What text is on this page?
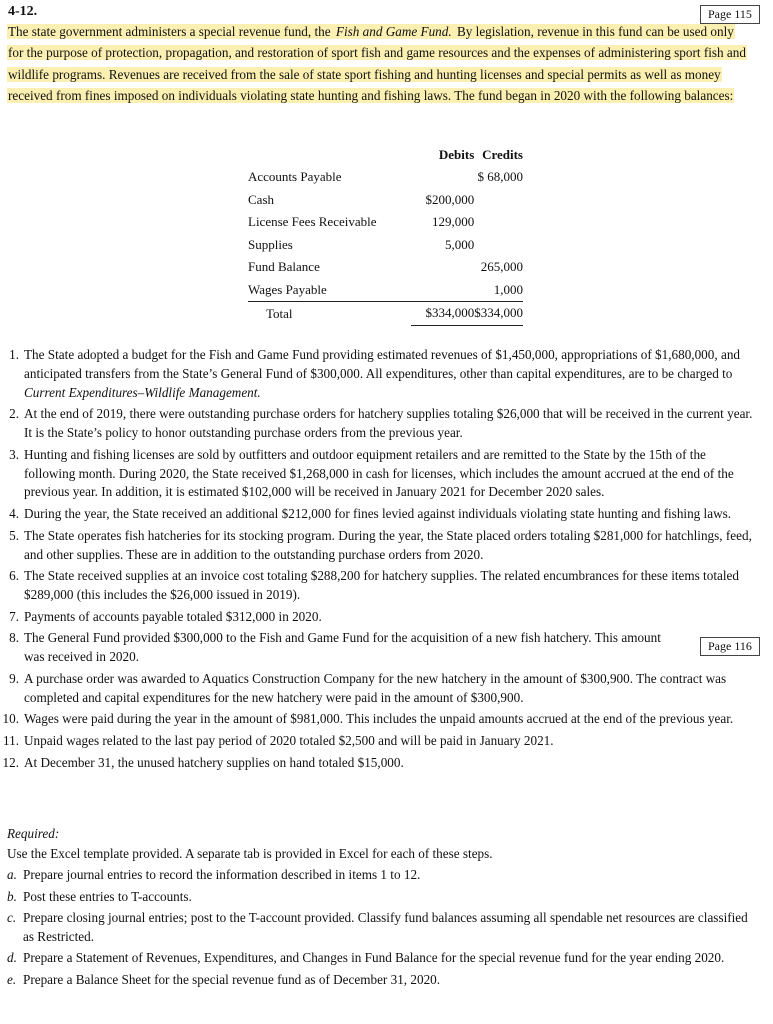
4-12.	Page 115
The state government administers a special revenue fund, the Fish and Game Fund. By legislation, revenue in this fund can be used only for the purpose of protection, propagation, and restoration of sport fish and game resources and the expenses of administering sport fish and wildlife programs. Revenues are received from the sale of state sport fishing and hunting licenses and special permits as well as money received from fines imposed on individuals violating state hunting and fishing laws. The fund began in 2020 with the following balances:
	Debits	Credits
Accounts Payable		$ 68,000
Cash	$200,000	
License Fees Receivable	129,000	
Supplies	5,000	
Fund Balance		265,000
Wages Payable		1,000
Total	$334,000	$334,000
1. The State adopted a budget for the Fish and Game Fund providing estimated revenues of $1,450,000, appropriations of $1,680,000, and anticipated transfers from the State’s General Fund of $300,000. All expenditures, other than capital expenditures, are to be charged to Current Expenditures–Wildlife Management.
2. At the end of 2019, there were outstanding purchase orders for hatchery supplies totaling $26,000 that will be received in the current year. It is the State’s policy to honor outstanding purchase orders from the previous year.
3. Hunting and fishing licenses are sold by outfitters and outdoor equipment retailers and are remitted to the State by the 15th of the following month. During 2020, the State received $1,268,000 in cash for licenses, which includes the amount accrued at the end of the previous year. In addition, it is estimated $102,000 will be received in January 2021 for December 2020 sales.
4. During the year, the State received an additional $212,000 for fines levied against individuals violating state hunting and fishing laws.
5. The State operates fish hatcheries for its stocking program. During the year, the State placed orders totaling $281,000 for hatchlings, feed, and other supplies. These are in addition to the outstanding purchase orders from 2020.
6. The State received supplies at an invoice cost totaling $288,200 for hatchery supplies. The related encumbrances for these items totaled $289,000 (this includes the $26,000 issued in 2019).
7. Payments of accounts payable totaled $312,000 in 2020.
8. The General Fund provided $300,000 to the Fish and Game Fund for the acquisition of a new fish hatchery. This amount was received in 2020.
9. A purchase order was awarded to Aquatics Construction Company for the new hatchery in the amount of $300,900. The contract was completed and capital expenditures for the new hatchery were paid in the amount of $300,900.
10. Wages were paid during the year in the amount of $981,000. This includes the unpaid amounts accrued at the end of the previous year.
11. Unpaid wages related to the last pay period of 2020 totaled $2,500 and will be paid in January 2021.
12. At December 31, the unused hatchery supplies on hand totaled $15,000.
Page 116
Required:
Use the Excel template provided. A separate tab is provided in Excel for each of these steps.
a. Prepare journal entries to record the information described in items 1 to 12.
b. Post these entries to T-accounts.
c. Prepare closing journal entries; post to the T-account provided. Classify fund balances assuming all spendable net resources are classified as Restricted.
d. Prepare a Statement of Revenues, Expenditures, and Changes in Fund Balance for the special revenue fund for the year ending 2020.
e. Prepare a Balance Sheet for the special revenue fund as of December 31, 2020.
